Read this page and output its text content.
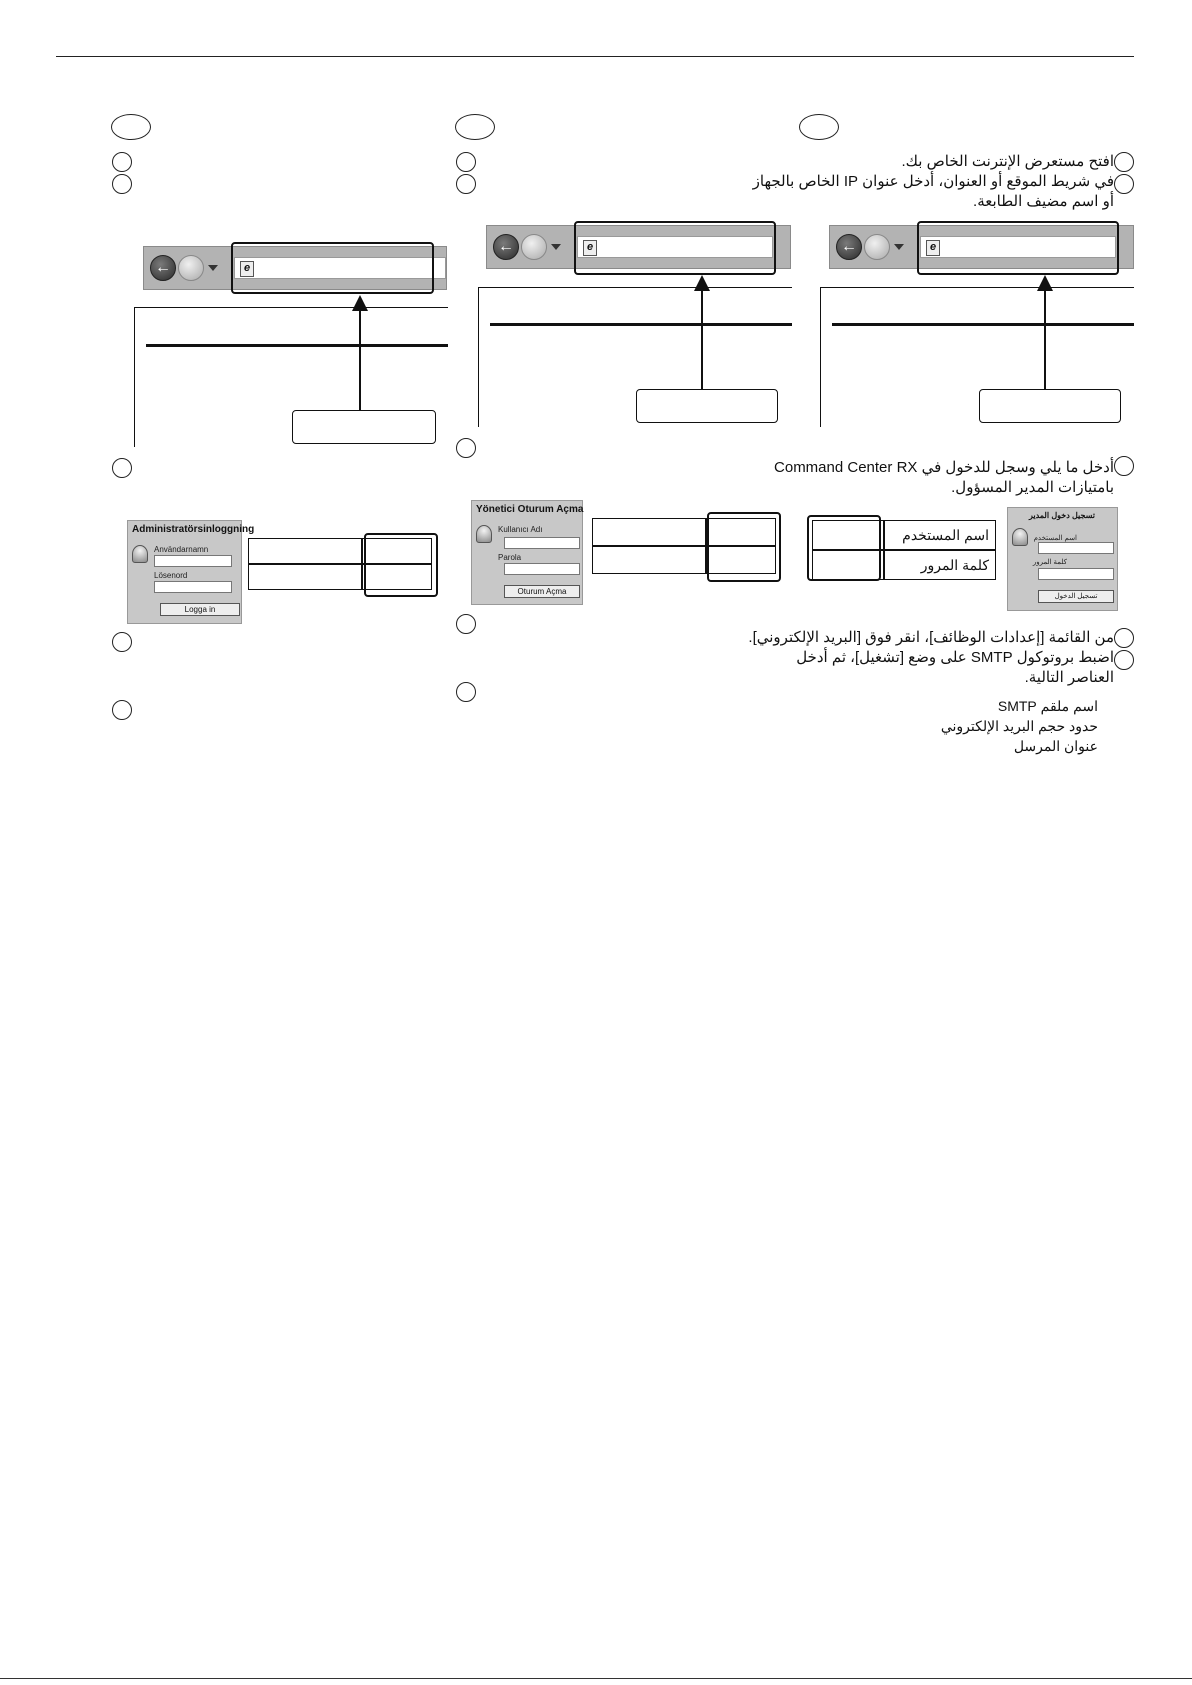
←	e
Administratörsinloggning
Användarnamn
Lösenord
Logga in
←	e
Yönetici Oturum Açma
Kullanıcı Adı
Parola
Oturum Açma
افتح مستعرض الإنترنت الخاص بك.
في شريط الموقع أو العنوان، أدخل عنوان IP الخاص بالجهاز
أو اسم مضيف الطابعة.
←	e
أدخل ما يلي وسجل للدخول في Command Center RX
بامتيازات المدير المسؤول.
اسم المستخدم
كلمة المرور
تسجيل دخول المدير
اسم المستخدم
كلمة المرور
تسجيل الدخول
من القائمة [إعدادات الوظائف]، انقر فوق [البريد الإلكتروني].
اضبط بروتوكول SMTP على وضع [تشغيل]، ثم أدخل
العناصر التالية.
اسم ملقم SMTP
حدود حجم البريد الإلكتروني
عنوان المرسل
